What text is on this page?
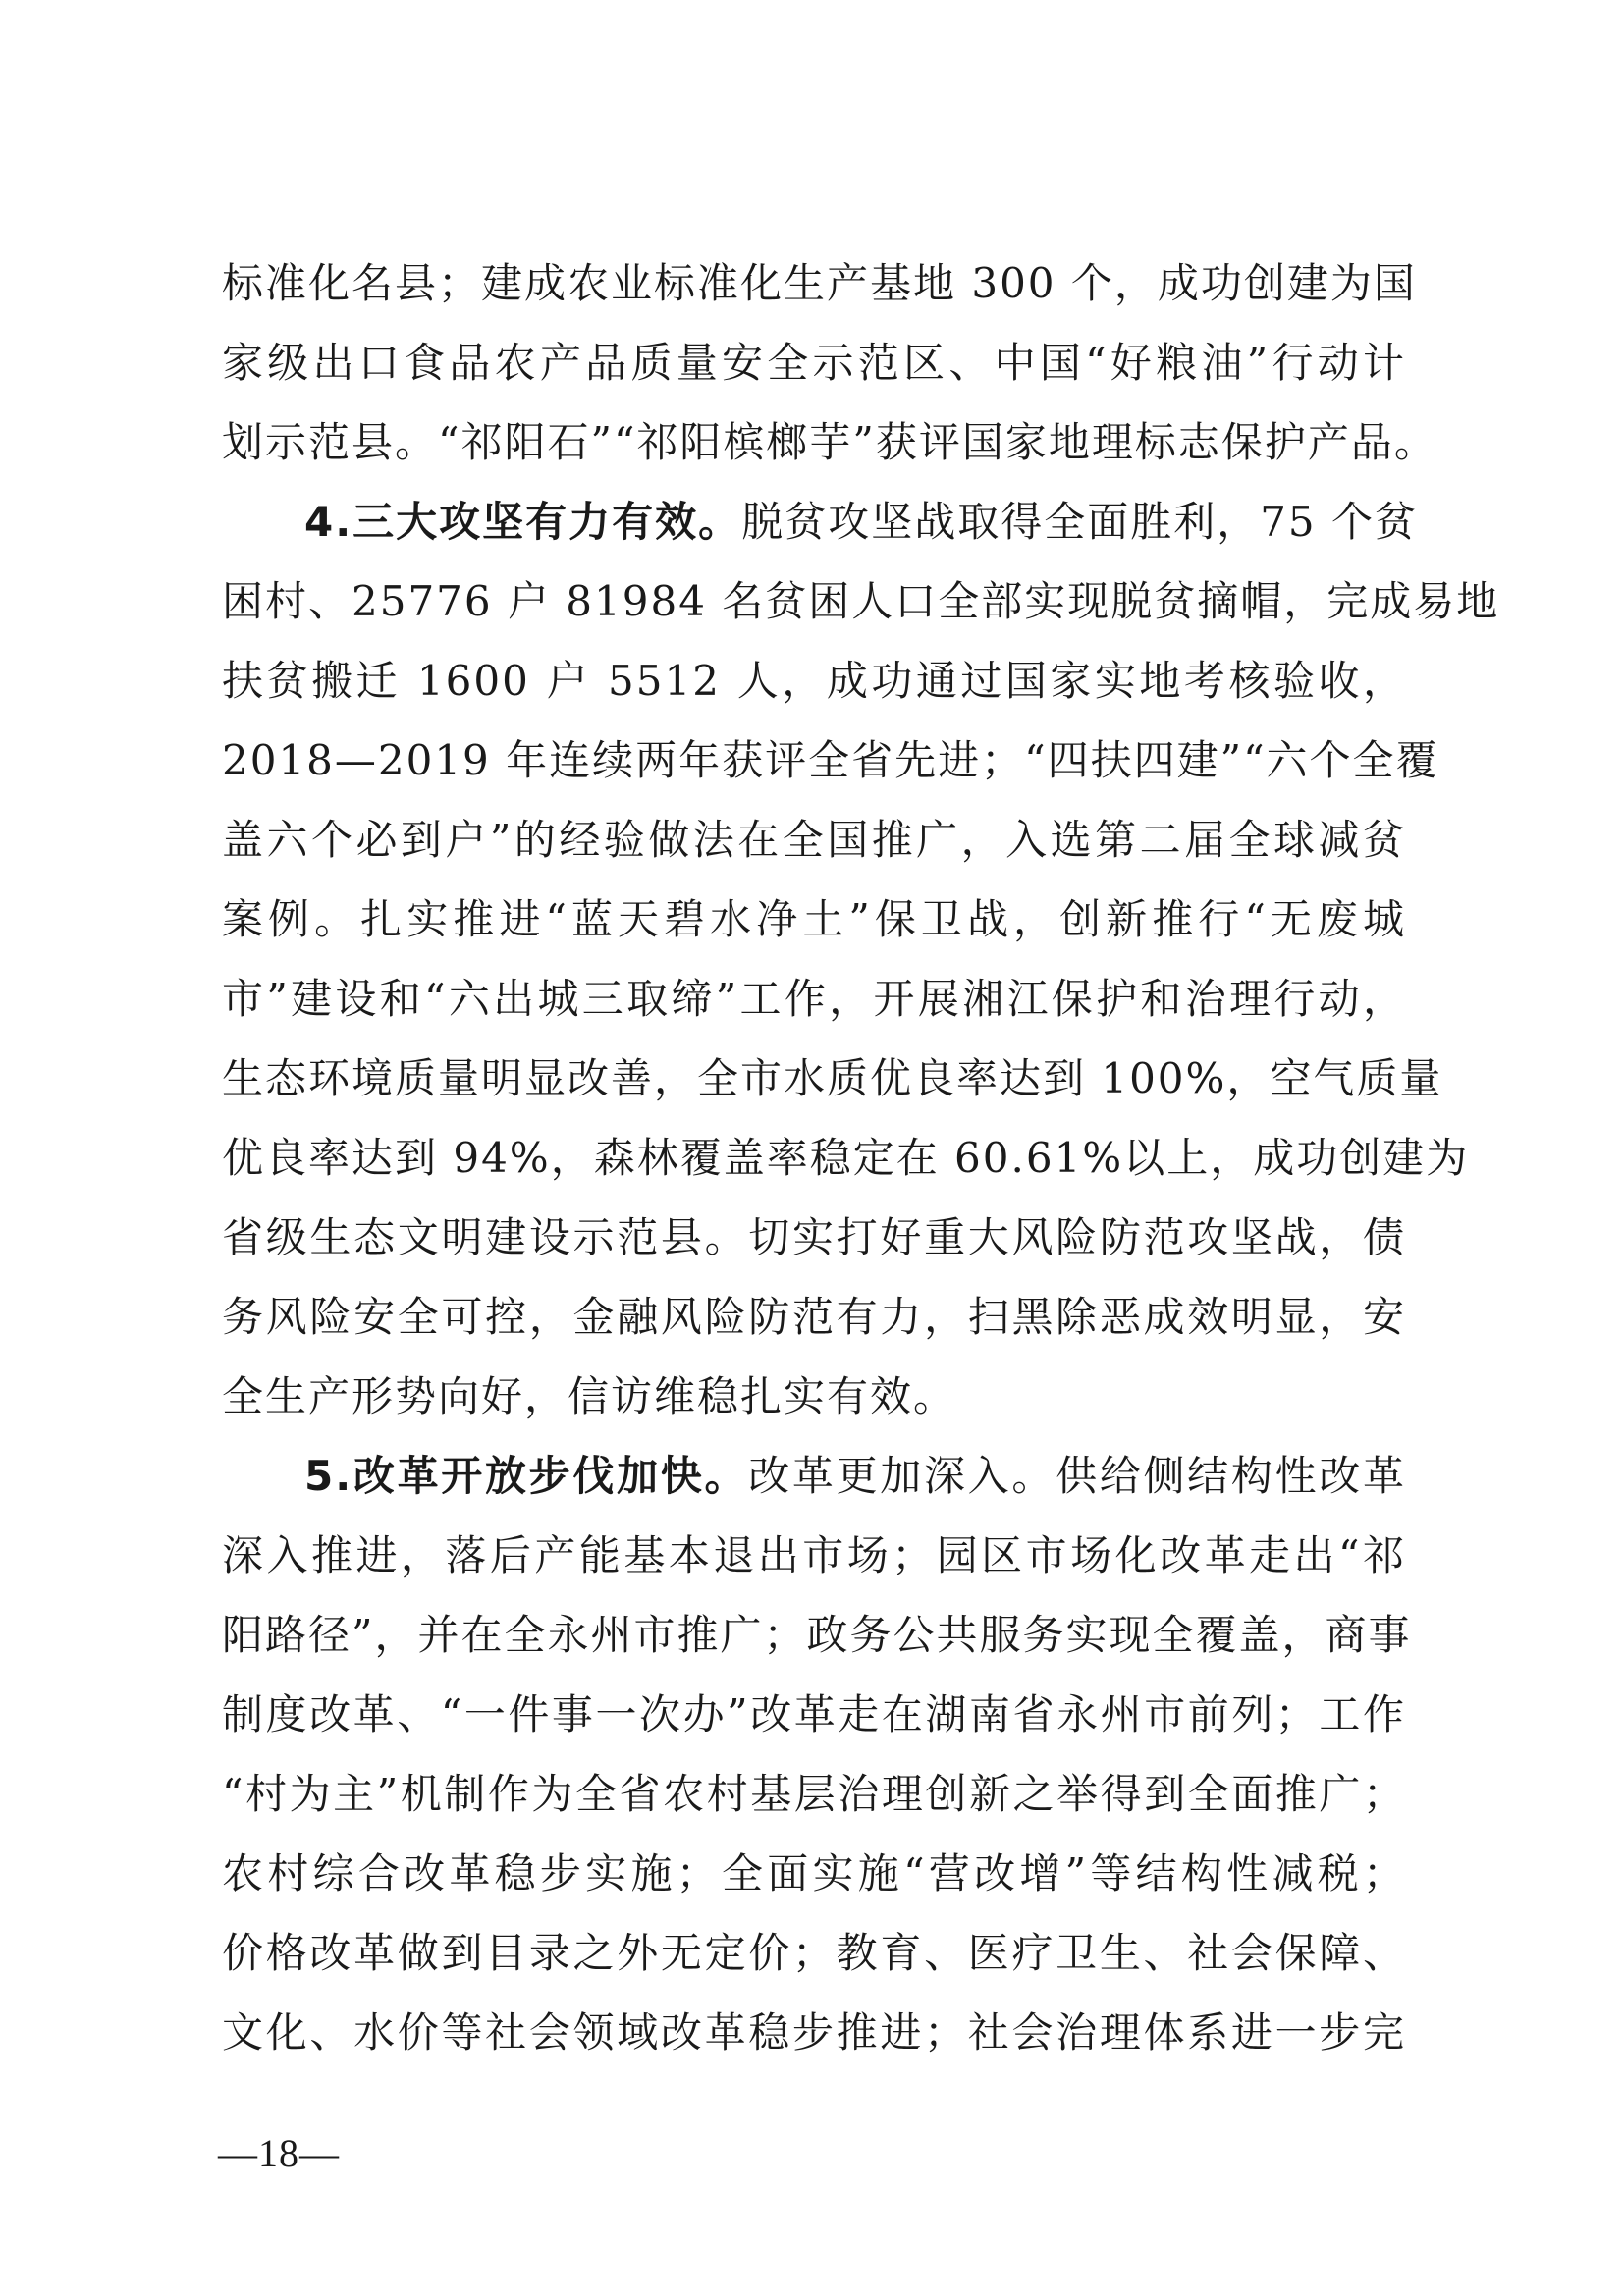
标准化名县；建成农业标准化生产基地 300 个，成功创建为国
家级出口食品农产品质量安全示范区、中国“好粮油”行动计
划示范县。“祁阳石”“祁阳槟榔芋”获评国家地理标志保护产品。
4.三大攻坚有力有效。脱贫攻坚战取得全面胜利，75 个贫
困村、25776 户 81984 名贫困人口全部实现脱贫摘帽，完成易地
扶贫搬迁 1600 户 5512 人，成功通过国家实地考核验收，
2018—2019 年连续两年获评全省先进；“四扶四建”“六个全覆
盖六个必到户”的经验做法在全国推广，入选第二届全球减贫
案例。扎实推进“蓝天碧水净土”保卫战，创新推行“无废城
市”建设和“六出城三取缔”工作，开展湘江保护和治理行动，
生态环境质量明显改善，全市水质优良率达到 100%，空气质量
优良率达到 94%，森林覆盖率稳定在 60.61%以上，成功创建为
省级生态文明建设示范县。切实打好重大风险防范攻坚战，债
务风险安全可控，金融风险防范有力，扫黑除恶成效明显，安
全生产形势向好，信访维稳扎实有效。
5.改革开放步伐加快。改革更加深入。供给侧结构性改革
深入推进，落后产能基本退出市场；园区市场化改革走出“祁
阳路径”，并在全永州市推广；政务公共服务实现全覆盖，商事
制度改革、“一件事一次办”改革走在湖南省永州市前列；工作
“村为主”机制作为全省农村基层治理创新之举得到全面推广；
农村综合改革稳步实施；全面实施“营改增”等结构性减税；
价格改革做到目录之外无定价；教育、医疗卫生、社会保障、
文化、水价等社会领域改革稳步推进；社会治理体系进一步完
—18—
